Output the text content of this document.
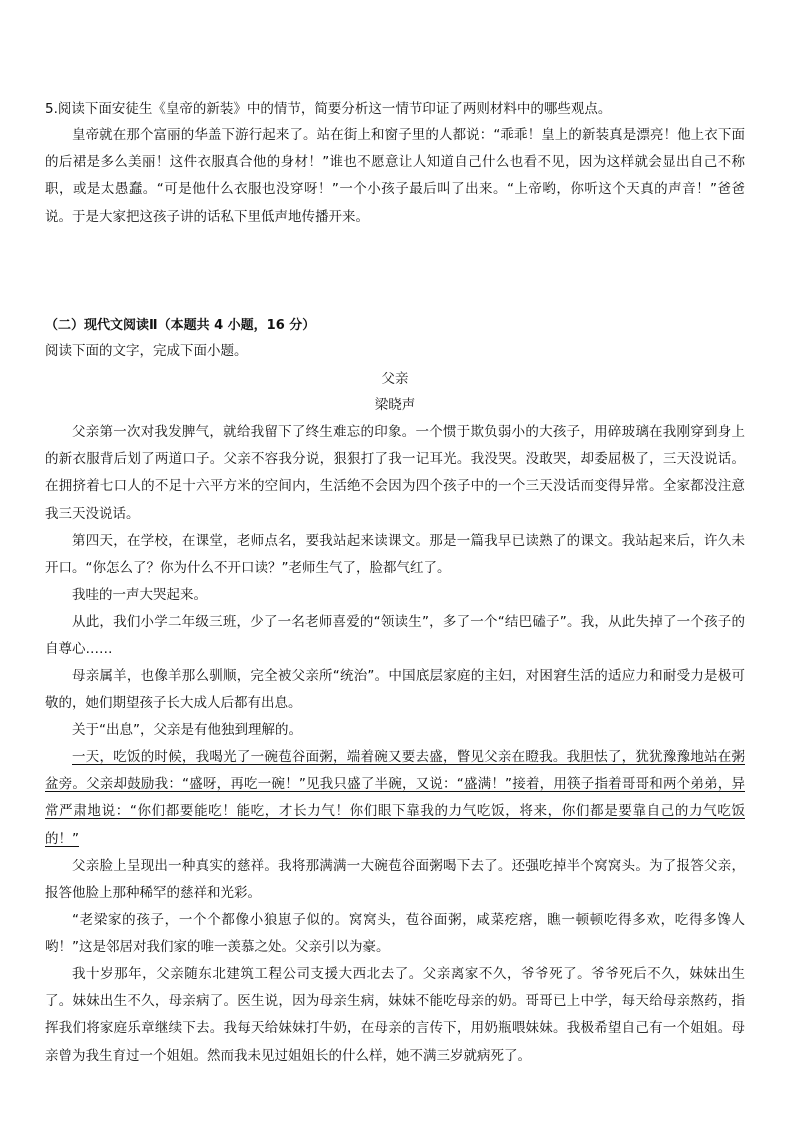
5.阅读下面安徒生《皇帝的新装》中的情节，简要分析这一情节印证了两则材料中的哪些观点。

皇帝就在那个富丽的华盖下游行起来了。站在街上和窗子里的人都说：“乖乖！皇上的新装真是漂亮！他上衣下面的后裙是多么美丽！这件衣服真合他的身材！”谁也不愿意让人知道自己什么也看不见，因为这样就会显出自己不称职，或是太愚蠢。“可是他什么衣服也没穿呀！”一个小孩子最后叫了出来。“上帝哟，你听这个天真的声音！”爸爸说。于是大家把这孩子讲的话私下里低声地传播开来。

（二）现代文阅读Ⅱ（本题共 4 小题，16 分）
阅读下面的文字，完成下面小题。
父亲
梁晓声

父亲第一次对我发脾气，就给我留下了终生难忘的印象。一个惯于欺负弱小的大孩子，用碎玻璃在我刚穿到身上的新衣服背后划了两道口子。父亲不容我分说，狠狠打了我一记耳光。我没哭。没敢哭，却委屈极了，三天没说话。在拥挤着七口人的不足十六平方米的空间内，生活绝不会因为四个孩子中的一个三天没话而变得异常。全家都没注意我三天没说话。

第四天，在学校，在课堂，老师点名，要我站起来读课文。那是一篇我早已读熟了的课文。我站起来后，许久未开口。“你怎么了？你为什么不开口读？”老师生气了，脸都气红了。

我哇的一声大哭起来。

从此，我们小学二年级三班，少了一名老师喜爱的“领读生”，多了一个“结巴磕子”。我，从此失掉了一个孩子的自尊心……

母亲属羊，也像羊那么驯顺，完全被父亲所“统治”。中国底层家庭的主妇，对困窘生活的适应力和耐受力是极可敬的，她们期望孩子长大成人后都有出息。

关于“出息”，父亲是有他独到理解的。

一天，吃饭的时候，我喝光了一碗苞谷面粥，端着碗又要去盛，瞥见父亲在瞪我。我胆怯了，犹犹豫豫地站在粥盆旁。父亲却鼓励我：“盛呀，再吃一碗！”见我只盛了半碗，又说：“盛满！”接着，用筷子指着哥哥和两个弟弟，异常严肃地说：“你们都要能吃！能吃，才长力气！你们眼下靠我的力气吃饭，将来，你们都是要靠自己的力气吃饭的！”

父亲脸上呈现出一种真实的慈祥。我将那满满一大碗苞谷面粥喝下去了。还强吃掉半个窝窝头。为了报答父亲，报答他脸上那种稀罕的慈祥和光彩。

“老梁家的孩子，一个个都像小狼崽子似的。窝窝头，苞谷面粥，咸菜疙瘩，瞧一顿顿吃得多欢，吃得多馋人哟！”这是邻居对我们家的唯一羡慕之处。父亲引以为豪。

我十岁那年，父亲随东北建筑工程公司支援大西北去了。父亲离家不久，爷爷死了。爷爷死后不久，妹妹出生了。妹妹出生不久，母亲病了。医生说，因为母亲生病，妹妹不能吃母亲的奶。哥哥已上中学，每天给母亲熬药，指挥我们将家庭乐章继续下去。我每天给妹妹打牛奶，在母亲的言传下，用奶瓶喂妹妹。我极希望自己有一个姐姐。母亲曾为我生育过一个姐姐。然而我未见过姐姐长的什么样，她不满三岁就病死了。
